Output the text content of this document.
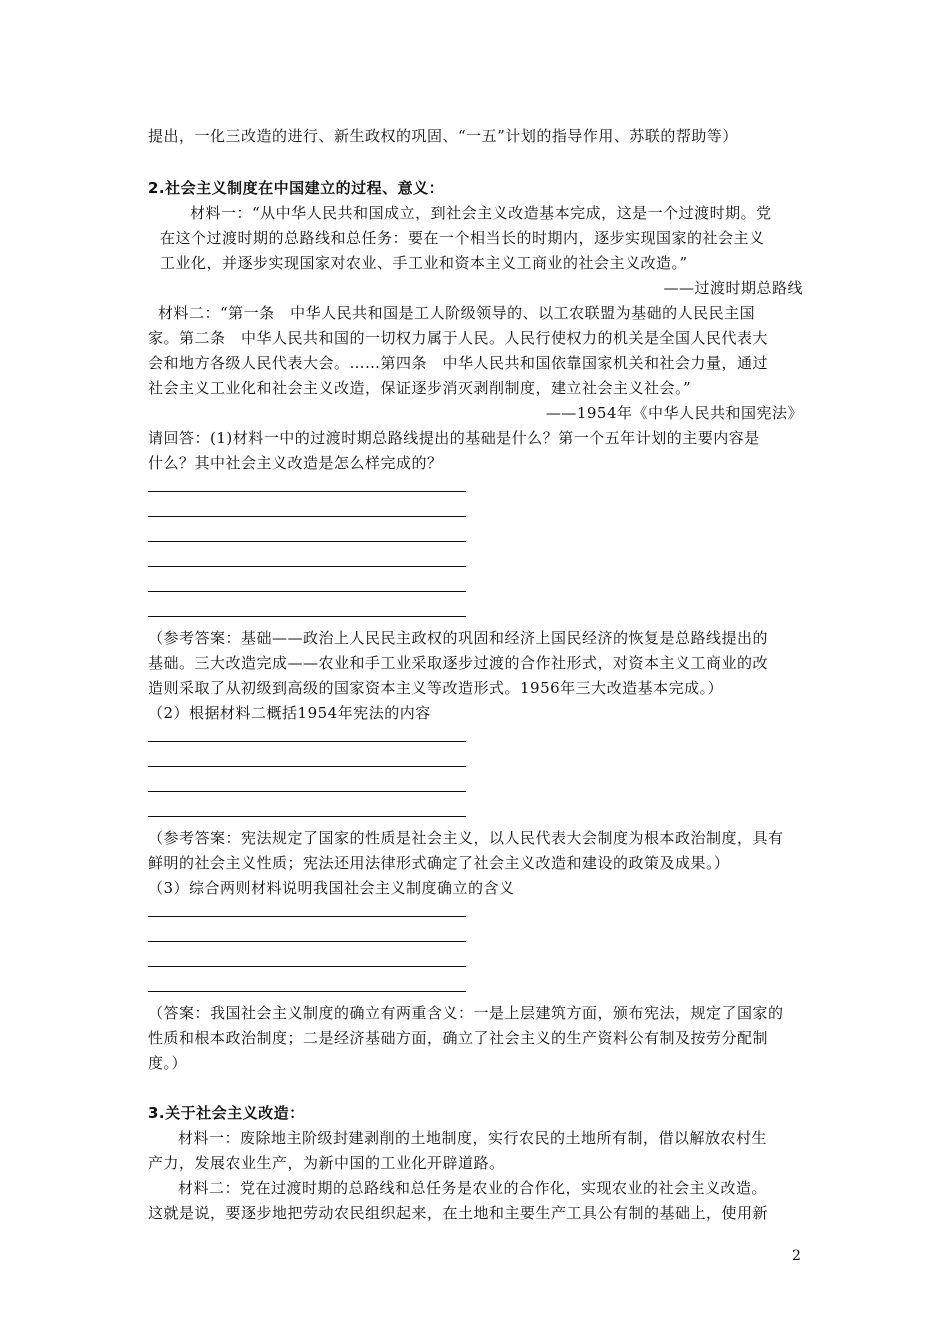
提出，一化三改造的进行、新生政权的巩固、“一五”计划的指导作用、苏联的帮助等）
2.社会主义制度在中国建立的过程、意义：
材料一：“从中华人民共和国成立，到社会主义改造基本完成，这是一个过渡时期。党
在这个过渡时期的总路线和总任务：要在一个相当长的时期内，逐步实现国家的社会主义
工业化，并逐步实现国家对农业、手工业和资本主义工商业的社会主义改造。”
——过渡时期总路线
材料二：“第一条　中华人民共和国是工人阶级领导的、以工农联盟为基础的人民民主国
家。第二条　中华人民共和国的一切权力属于人民。人民行使权力的机关是全国人民代表大
会和地方各级人民代表大会。……第四条　中华人民共和国依靠国家机关和社会力量，通过
社会主义工业化和社会主义改造，保证逐步消灭剥削制度，建立社会主义社会。”
——1954年《中华人民共和国宪法》
请回答：(1)材料一中的过渡时期总路线提出的基础是什么？第一个五年计划的主要内容是
什么？其中社会主义改造是怎么样完成的？
（参考答案：基础——政治上人民民主政权的巩固和经济上国民经济的恢复是总路线提出的
基础。三大改造完成——农业和手工业采取逐步过渡的合作社形式，对资本主义工商业的改
造则采取了从初级到高级的国家资本主义等改造形式。1956年三大改造基本完成。）
（2）根据材料二概括1954年宪法的内容
（参考答案：宪法规定了国家的性质是社会主义，以人民代表大会制度为根本政治制度，具有
鲜明的社会主义性质；宪法还用法律形式确定了社会主义改造和建设的政策及成果。）
（3）综合两则材料说明我国社会主义制度确立的含义
（答案：我国社会主义制度的确立有两重含义：一是上层建筑方面，颁布宪法，规定了国家的
性质和根本政治制度；二是经济基础方面，确立了社会主义的生产资料公有制及按劳分配制
度。）
3.关于社会主义改造：
材料一：废除地主阶级封建剥削的土地制度，实行农民的土地所有制，借以解放农村生
产力，发展农业生产，为新中国的工业化开辟道路。
材料二：党在过渡时期的总路线和总任务是农业的合作化，实现农业的社会主义改造。
这就是说，要逐步地把劳动农民组织起来，在土地和主要生产工具公有制的基础上，使用新
2
